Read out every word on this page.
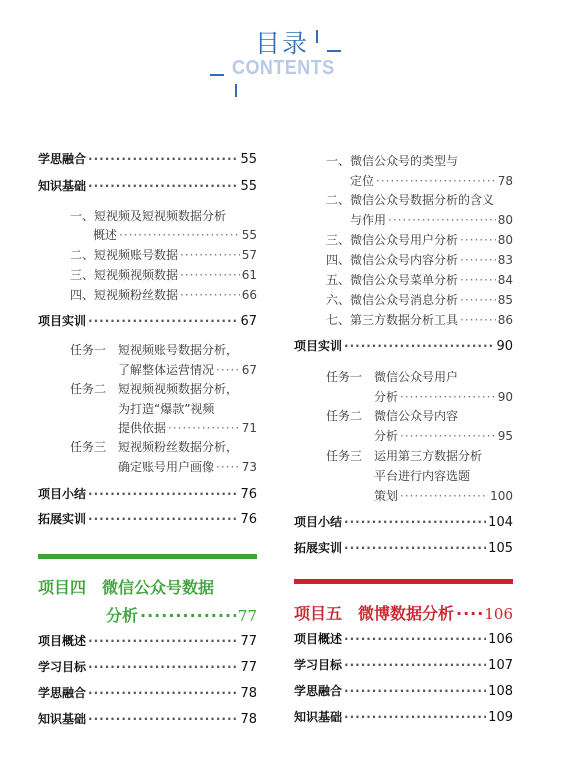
目录
CONTENTS
学思融合 ·····	55
知识基础 ·····	55
一、短视频及短视频数据分析
概述 ·····	55
二、短视频账号数据 ·····	57
三、短视频视频数据 ·····	61
四、短视频粉丝数据 ·····	66
项目实训 ·····	67
任务一 短视频账号数据分析，
了解整体运营情况 ····· 67
任务二 短视频视频数据分析，
为打造“爆款”视频
提供依据 ·····	71
任务三 短视频粉丝数据分析，
确定账号用户画像 ····· 73
项目小结 ·····	76
拓展实训 ·····	76
项目四　微信公众号数据
分析 ·····	77
项目概述 ·····	77
学习目标 ·····	77
学思融合 ·····	78
知识基础 ·····	78
一、微信公众号的类型与
定位 ·····	78
二、微信公众号数据分析的含义
与作用 ·····	80
三、微信公众号用户分析 ·····	80
四、微信公众号内容分析 ·····	83
五、微信公众号菜单分析 ·····	84
六、微信公众号消息分析 ·····	85
七、第三方数据分析工具 ·····	86
项目实训 ·····	90
任务一 微信公众号用户
分析 ·····	90
任务二 微信公众号内容
分析 ·····	95
任务三 运用第三方数据分析
平台进行内容选题
策划 ·····	100
项目小结 ·····	104
拓展实训 ·····	105
项目五　微博数据分析 ····· 106
项目概述 ·····	106
学习目标 ·····	107
学思融合 ·····	108
知识基础 ·····	109
